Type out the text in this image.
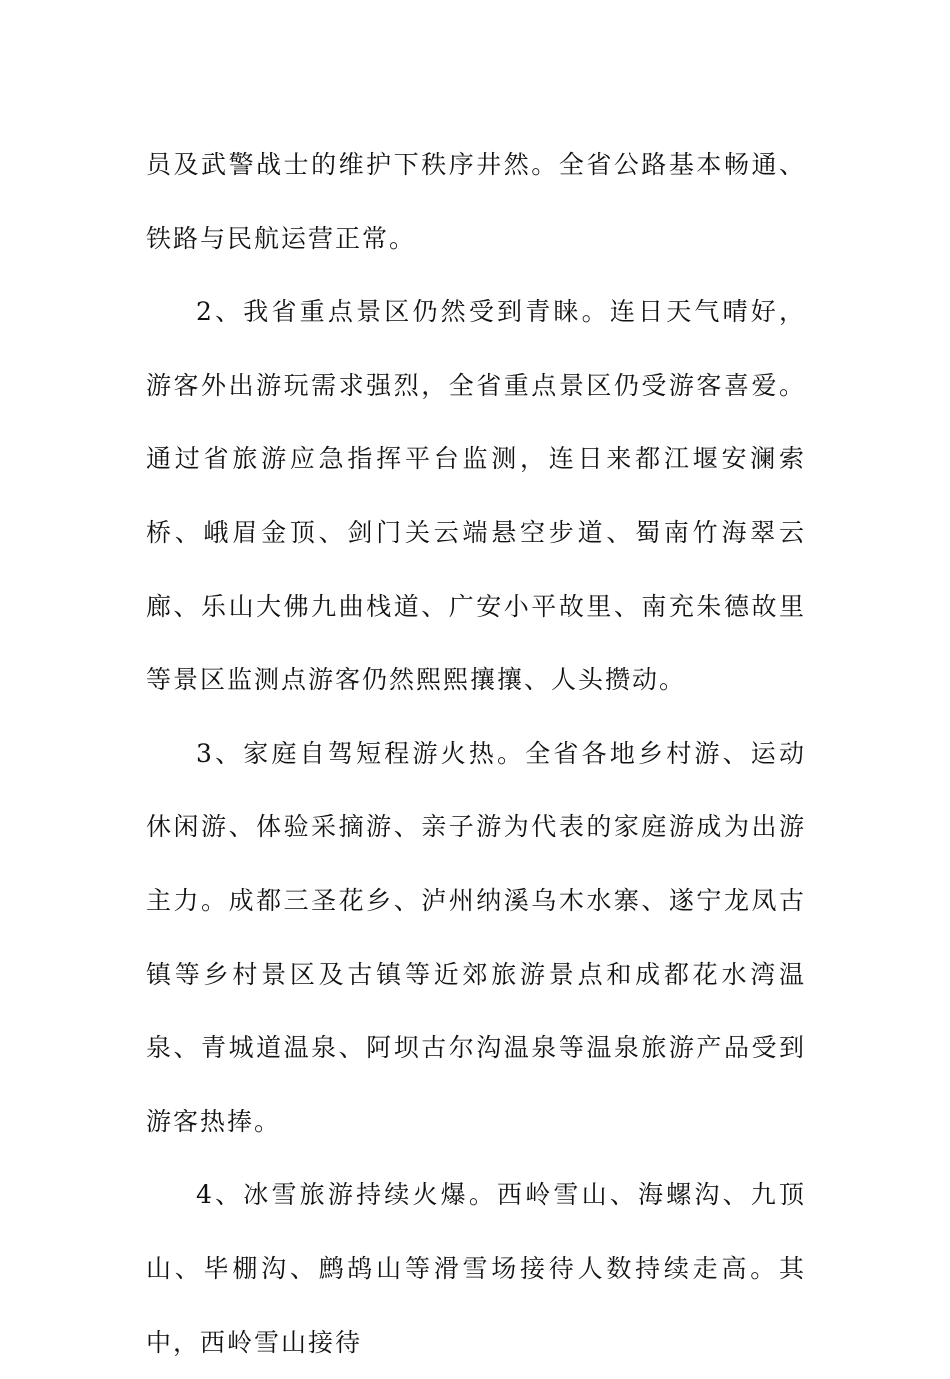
员及武警战士的维护下秩序井然。全省公路基本畅通、铁路与民航运营正常。

2、我省重点景区仍然受到青睐。连日天气晴好，游客外出游玩需求强烈，全省重点景区仍受游客喜爱。通过省旅游应急指挥平台监测，连日来都江堰安澜索桥、峨眉金顶、剑门关云端悬空步道、蜀南竹海翠云廊、乐山大佛九曲栈道、广安小平故里、南充朱德故里等景区监测点游客仍然熙熙攘攘、人头攒动。

3、家庭自驾短程游火热。全省各地乡村游、运动休闲游、体验采摘游、亲子游为代表的家庭游成为出游主力。成都三圣花乡、泸州纳溪乌木水寨、遂宁龙凤古镇等乡村景区及古镇等近郊旅游景点和成都花水湾温泉、青城道温泉、阿坝古尔沟温泉等温泉旅游产品受到游客热捧。

4、冰雪旅游持续火爆。西岭雪山、海螺沟、九顶山、毕棚沟、鹧鸪山等滑雪场接待人数持续走高。其中，西岭雪山接待
